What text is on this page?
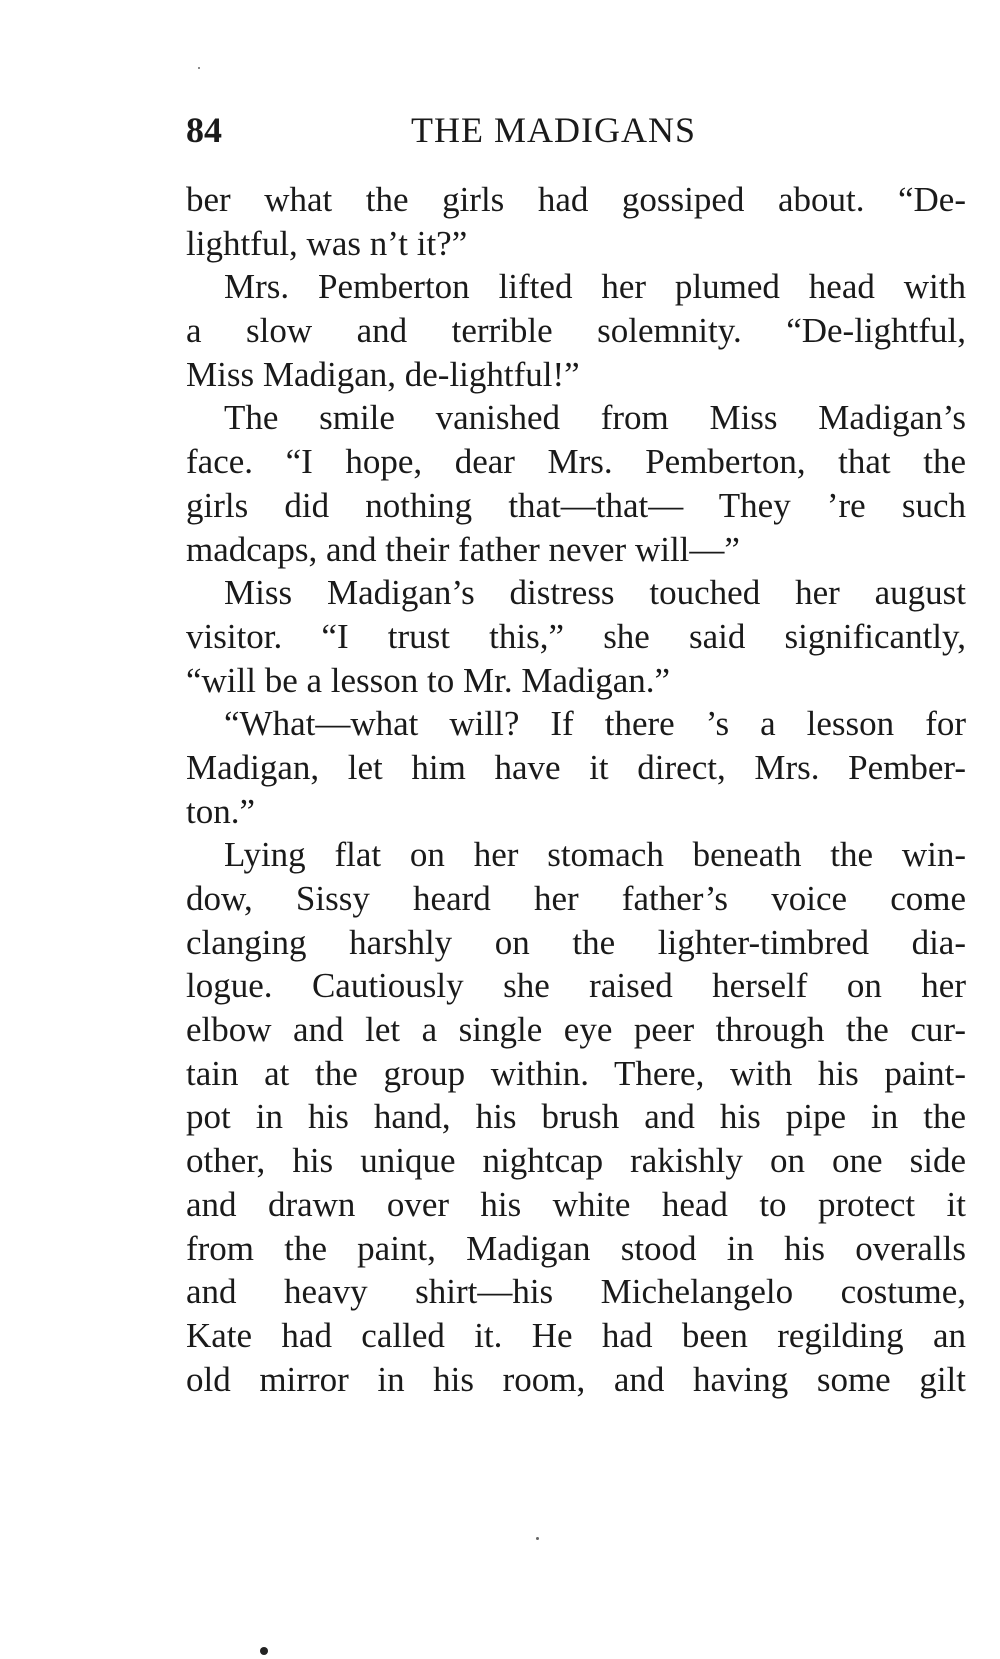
84	THE MADIGANS
ber what the girls had gossiped about. “De-
lightful, was n’t it?”
Mrs. Pemberton lifted her plumed head with
a slow and terrible solemnity. “De-lightful,
Miss Madigan, de-lightful!”
The smile vanished from Miss Madigan’s
face. “I hope, dear Mrs. Pemberton, that the
girls did nothing that—that— They ’re such
madcaps, and their father never will—”
Miss Madigan’s distress touched her august
visitor. “I trust this,” she said significantly,
“will be a lesson to Mr. Madigan.”
“What—what will? If there ’s a lesson for
Madigan, let him have it direct, Mrs. Pember-
ton.”
Lying flat on her stomach beneath the win-
dow, Sissy heard her father’s voice come
clanging harshly on the lighter-timbred dia-
logue. Cautiously she raised herself on her
elbow and let a single eye peer through the cur-
tain at the group within. There, with his paint-
pot in his hand, his brush and his pipe in the
other, his unique nightcap rakishly on one side
and drawn over his white head to protect it
from the paint, Madigan stood in his overalls
and heavy shirt—his Michelangelo costume,
Kate had called it. He had been regilding an
old mirror in his room, and having some gilt
